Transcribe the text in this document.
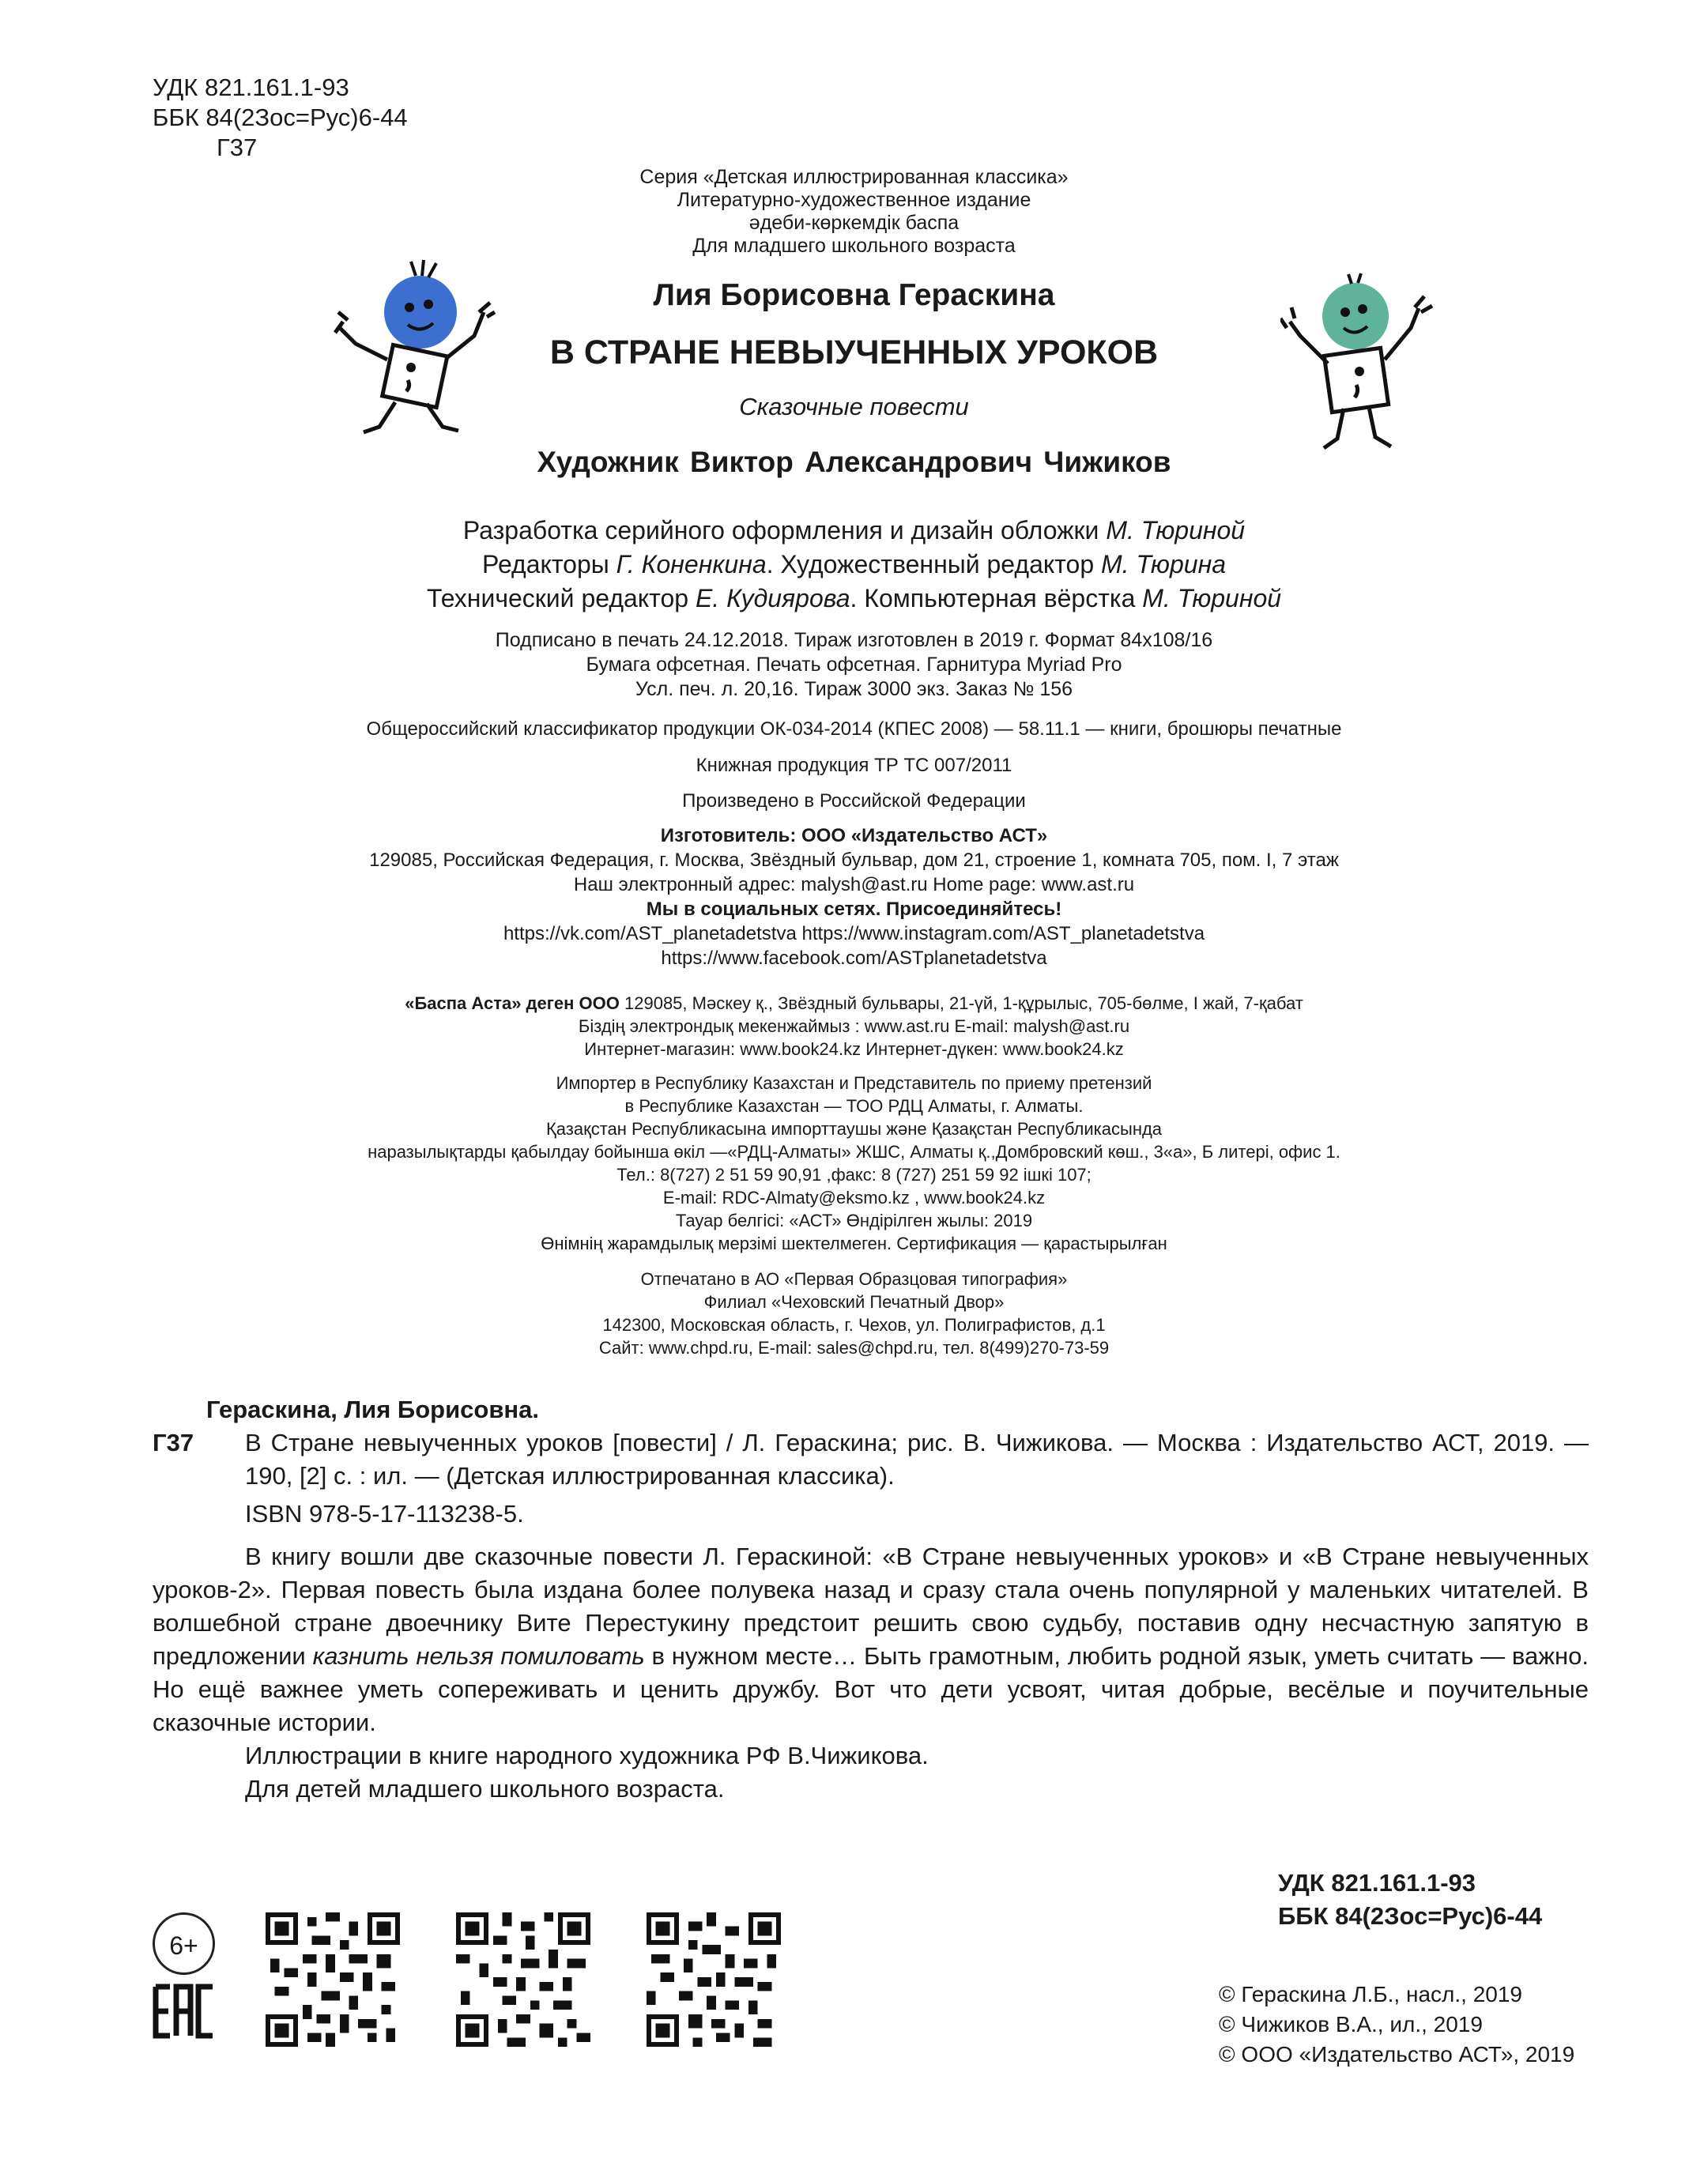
УДК 821.161.1-93
ББК 84(2Зос=Рус)6-44
Г37
Серия «Детская иллюстрированная классика»
Литературно-художественное издание
әдеби-көркемдік баспа
Для младшего школьного возраста
Лия Борисовна Гераскина
В СТРАНЕ НЕВЫУЧЕННЫХ УРОКОВ
Сказочные повести
Художник Виктор Александрович Чижиков
Разработка серийного оформления и дизайн обложки М. Тюриной
Редакторы Г. Коненкина. Художественный редактор М. Тюрина
Технический редактор Е. Кудиярова. Компьютерная вёрстка М. Тюриной
Подписано в печать 24.12.2018. Тираж изготовлен в 2019 г. Формат 84x108/16
Бумага офсетная. Печать офсетная. Гарнитура Myriad Pro
Усл. печ. л. 20,16. Тираж 3000 экз. Заказ № 156
Общероссийский классификатор продукции ОК-034-2014 (КПЕС 2008) — 58.11.1 — книги, брошюры печатные
Книжная продукция ТР ТС 007/2011
Произведено в Российской Федерации
Изготовитель: ООО «Издательство АСТ»
129085, Российская Федерация, г. Москва, Звёздный бульвар, дом 21, строение 1, комната 705, пом. I, 7 этаж
Наш электронный адрес: malysh@ast.ru Home page: www.ast.ru
Мы в социальных сетях. Присоединяйтесь!
https://vk.com/AST_planetadetstva https://www.instagram.com/AST_planetadetstva
https://www.facebook.com/ASTplanetadetstva
«Баспа Аста» деген ООО 129085, Мәскеу қ., Звёздный бульвары, 21-үй, 1-құрылыс, 705-бөлме, I жай, 7-қабат
Біздің электрондық мекенжаймыз : www.ast.ru E-mail: malysh@ast.ru
Интернет-магазин: www.book24.kz Интернет-дүкен: www.book24.kz
Импортер в Республику Казахстан и Представитель по приему претензий
в Республике Казахстан — ТОО РДЦ Алматы, г. Алматы.
Қазақстан Республикасына импорттаушы және Қазақстан Республикасында
наразылықтарды қабылдау бойынша өкіл —«РДЦ-Алматы» ЖШС, Алматы қ.,Домбровский көш., 3«а», Б литері, офис 1.
Тел.: 8(727) 2 51 59 90,91 ,факс: 8 (727) 251 59 92 ішкі 107;
E-mail: RDC-Almaty@eksmo.kz , www.book24.kz
Тауар белгісі: «АСТ» Өндірілген жылы: 2019
Өнімнің жарамдылық мерзімі шектелмеген. Сертификация — қарастырылған
Отпечатано в АО «Первая Образцовая типография»
Филиал «Чеховский Печатный Двор»
142300, Московская область, г. Чехов, ул. Полиграфистов, д.1
Сайт: www.chpd.ru, E-mail: sales@chpd.ru, тел. 8(499)270-73-59

Гераскина, Лия Борисовна.

Г37 В Стране невыученных уроков [повести] / Л. Гераскина; рис. В. Чижикова. — Москва : Издательство АСТ, 2019. — 190, [2] с. : ил. — (Детская иллюстрированная классика).

ISBN 978-5-17-113238-5.

В книгу вошли две сказочные повести Л. Гераскиной: «В Стране невыученных уроков» и «В Стране невыученных уроков-2». Первая повесть была издана более полувека назад и сразу стала очень популярной у маленьких читателей. В волшебной стране двоечнику Вите Перестукину предстоит решить свою судьбу, поставив одну несчастную запятую в предложении казнить нельзя помиловать в нужном месте… Быть грамотным, любить родной язык, уметь считать — важно. Но ещё важнее уметь сопереживать и ценить дружбу. Вот что дети усвоят, читая добрые, весёлые и поучительные сказочные истории.

Иллюстрации в книге народного художника РФ В.Чижикова.

Для детей младшего школьного возраста.

УДК 821.161.1-93
ББК 84(2Зос=Рус)6-44
6+
© Гераскина Л.Б., насл., 2019
© Чижиков В.А., ил., 2019
© ООО «Издательство АСТ», 2019
